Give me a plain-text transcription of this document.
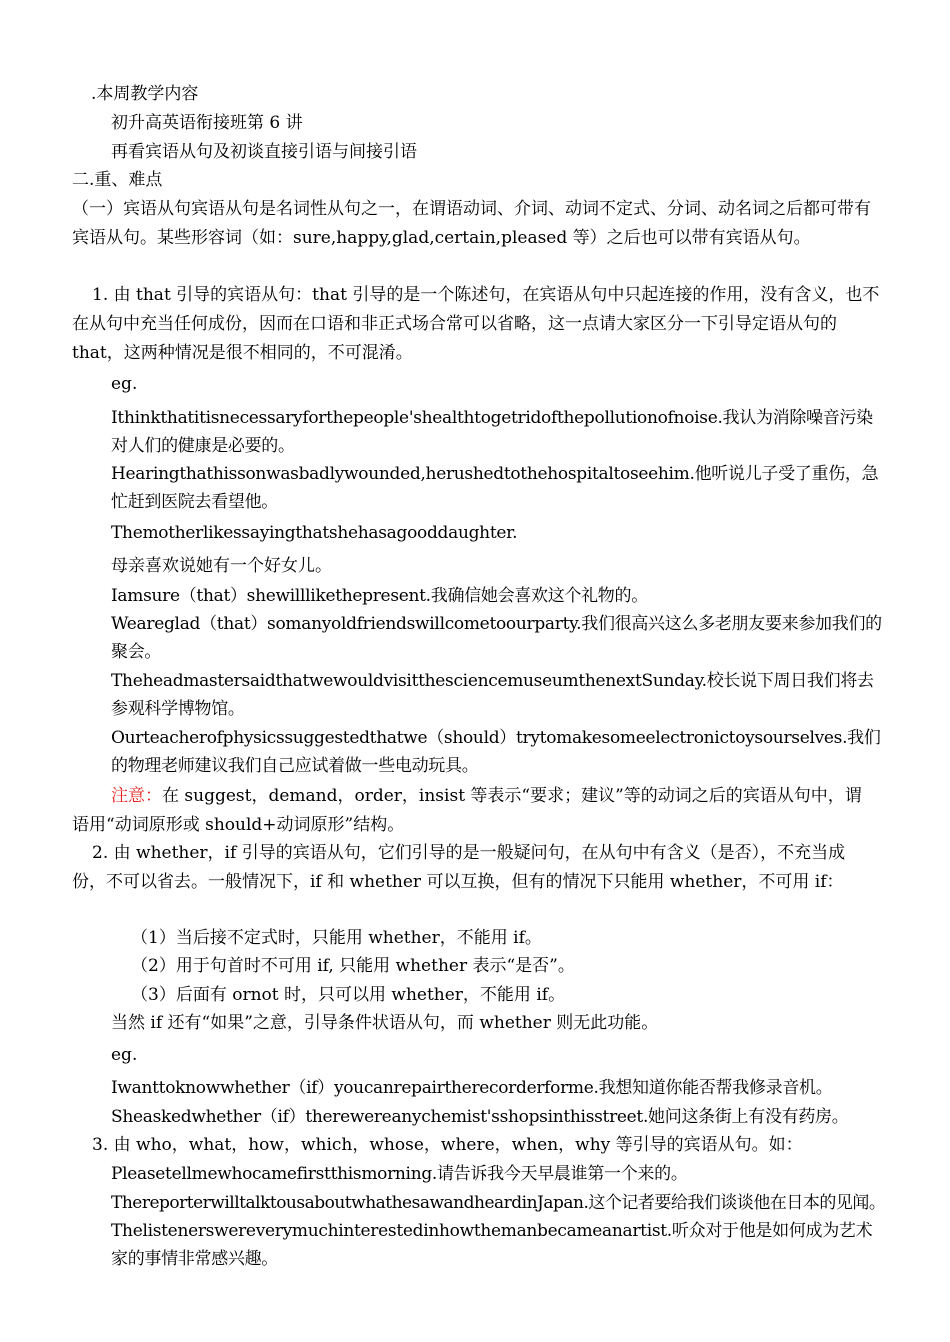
.本周教学内容
初升高英语衔接班第 6 讲
再看宾语从句及初谈直接引语与间接引语
二.重、难点
（一）宾语从句宾语从句是名词性从句之一，在谓语动词、介词、动词不定式、分词、动名词之后都可带有宾语从句。某些形容词（如：sure,happy,glad,certain,pleased 等）之后也可以带有宾语从句。
1. 由 that 引导的宾语从句：that 引导的是一个陈述句，在宾语从句中只起连接的作用，没有含义，也不在从句中充当任何成份，因而在口语和非正式场合常可以省略，这一点请大家区分一下引导定语从句的 that，这两种情况是很不相同的，不可混淆。
eg.
Ithinkthatitisnecessaryforthepeople'shealthtogetridofthepollutionofnoise.我认为消除噪音污染对人们的健康是必要的。
Hearingthathissonwasbadlywounded,herushedtothehospitaltoseehim.他听说儿子受了重伤，急忙赶到医院去看望他。
Themotherlikessayingthatshehasagooddaughter.
母亲喜欢说她有一个好女儿。
Iamsure（that）shewilllikethepresent.我确信她会喜欢这个礼物的。
Weareglad（that）somanyoldfriendswillcometoourparty.我们很高兴这么多老朋友要来参加我们的聚会。
TheheadmastersaidthatwewouldvisitthesciencemuseumthenextSunday.校长说下周日我们将去参观科学博物馆。
Ourteacherofphysicssuggestedthatwe（should）trytomakesomeelectronictoysourselves.我们的物理老师建议我们自己应试着做一些电动玩具。
注意：在 suggest，demand，order，insist 等表示“要求；建议”等的动词之后的宾语从句中，谓语用“动词原形或 should+动词原形”结构。
2. 由 whether，if 引导的宾语从句，它们引导的是一般疑问句，在从句中有含义（是否），不充当成份，不可以省去。一般情况下，if 和 whether 可以互换，但有的情况下只能用 whether，不可用 if：
（1）当后接不定式时，只能用 whether，不能用 if。
（2）用于句首时不可用 if, 只能用 whether 表示“是否”。
（3）后面有 ornot 时，只可以用 whether，不能用 if。
当然 if 还有“如果”之意，引导条件状语从句，而 whether 则无此功能。
eg.
Iwanttoknowwhether（if）youcanrepairtherecorderforme.我想知道你能否帮我修录音机。
Sheaskedwhether（if）therewereanychemist'sshopsinthisstreet.她问这条街上有没有药房。
3. 由 who，what，how，which，whose，where，when，why 等引导的宾语从句。如：
Pleasetellmewhocamefirstthismorning.请告诉我今天早晨谁第一个来的。
ThereporterwilltalktousaboutwhathesawandheardinJapan.这个记者要给我们谈谈他在日本的见闻。
Thelistenerswereverymuchinterestedinhowthemanbecameanartist.听众对于他是如何成为艺术家的事情非常感兴趣。
